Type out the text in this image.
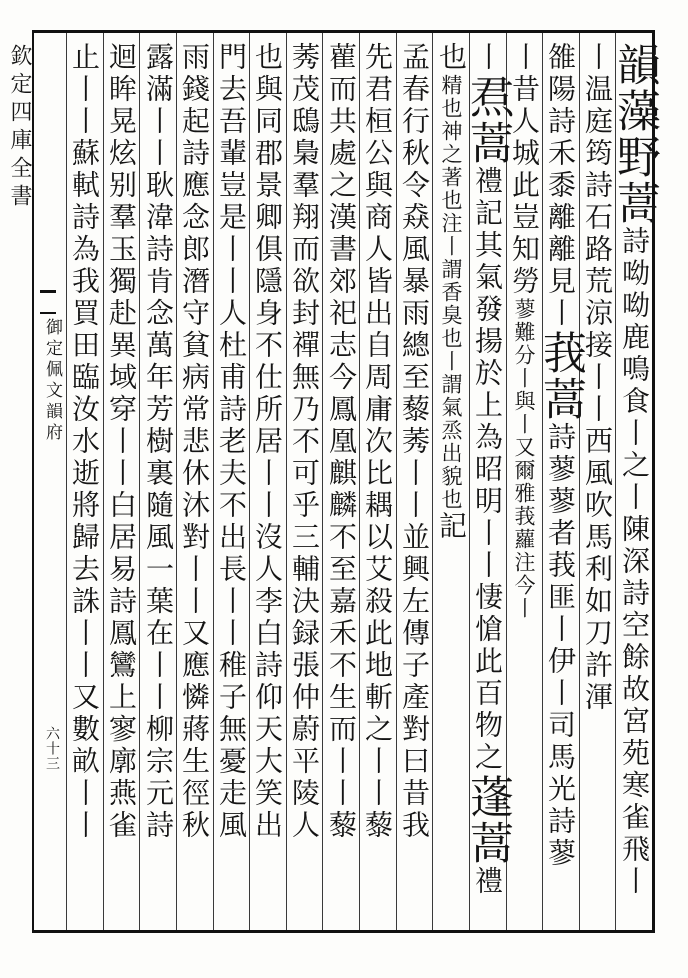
欽定四庫全書
御定佩文韻府
六十三
韻藻野蒿詩呦呦鹿鳴食丨之丨陳深詩空餘故宮苑寒雀飛丨
丨温庭筠詩石路荒涼接丨丨西風吹馬利如刀許渾
雒陽詩禾黍離離見丨莪蒿詩蓼蓼者莪匪丨伊丨司馬光詩蓼
丨昔人城此豈知勞蓼難分丨與丨又爾雅莪蘿注今丨
丨焄蒿禮記其氣發揚於上為昭明丨丨悽愴此百物之蓬蒿禮
也精也神之著也注丨謂香臭也丨謂氣烝出貌也記
孟春行秋令猋風暴雨總至藜莠丨丨並興左傳子產對曰昔我
先君桓公與商人皆出自周庸次比耦以艾殺此地斬之丨丨藜
雚而共處之漢書郊祀志今鳳凰麒麟不至嘉禾不生而丨丨藜
莠茂鴟梟羣翔而欲封禪無乃不可乎三輔決録張仲蔚平陵人
也與同郡景卿俱隱身不仕所居丨丨沒人李白詩仰天大笑出
門去吾輩豈是丨丨人杜甫詩老夫不出長丨丨稚子無憂走風
雨錢起詩應念郎潛守貧病常悲休沐對丨丨又應憐蔣生徑秋
露滿丨丨耿湋詩肯念萬年芳樹裏隨風一葉在丨丨柳宗元詩
迴眸晃炫别羣玉獨赴異域穿丨丨白居易詩鳳鸞上寥廓燕雀
止丨丨蘇軾詩為我買田臨汝水逝將歸去誅丨丨又數畝丨丨
